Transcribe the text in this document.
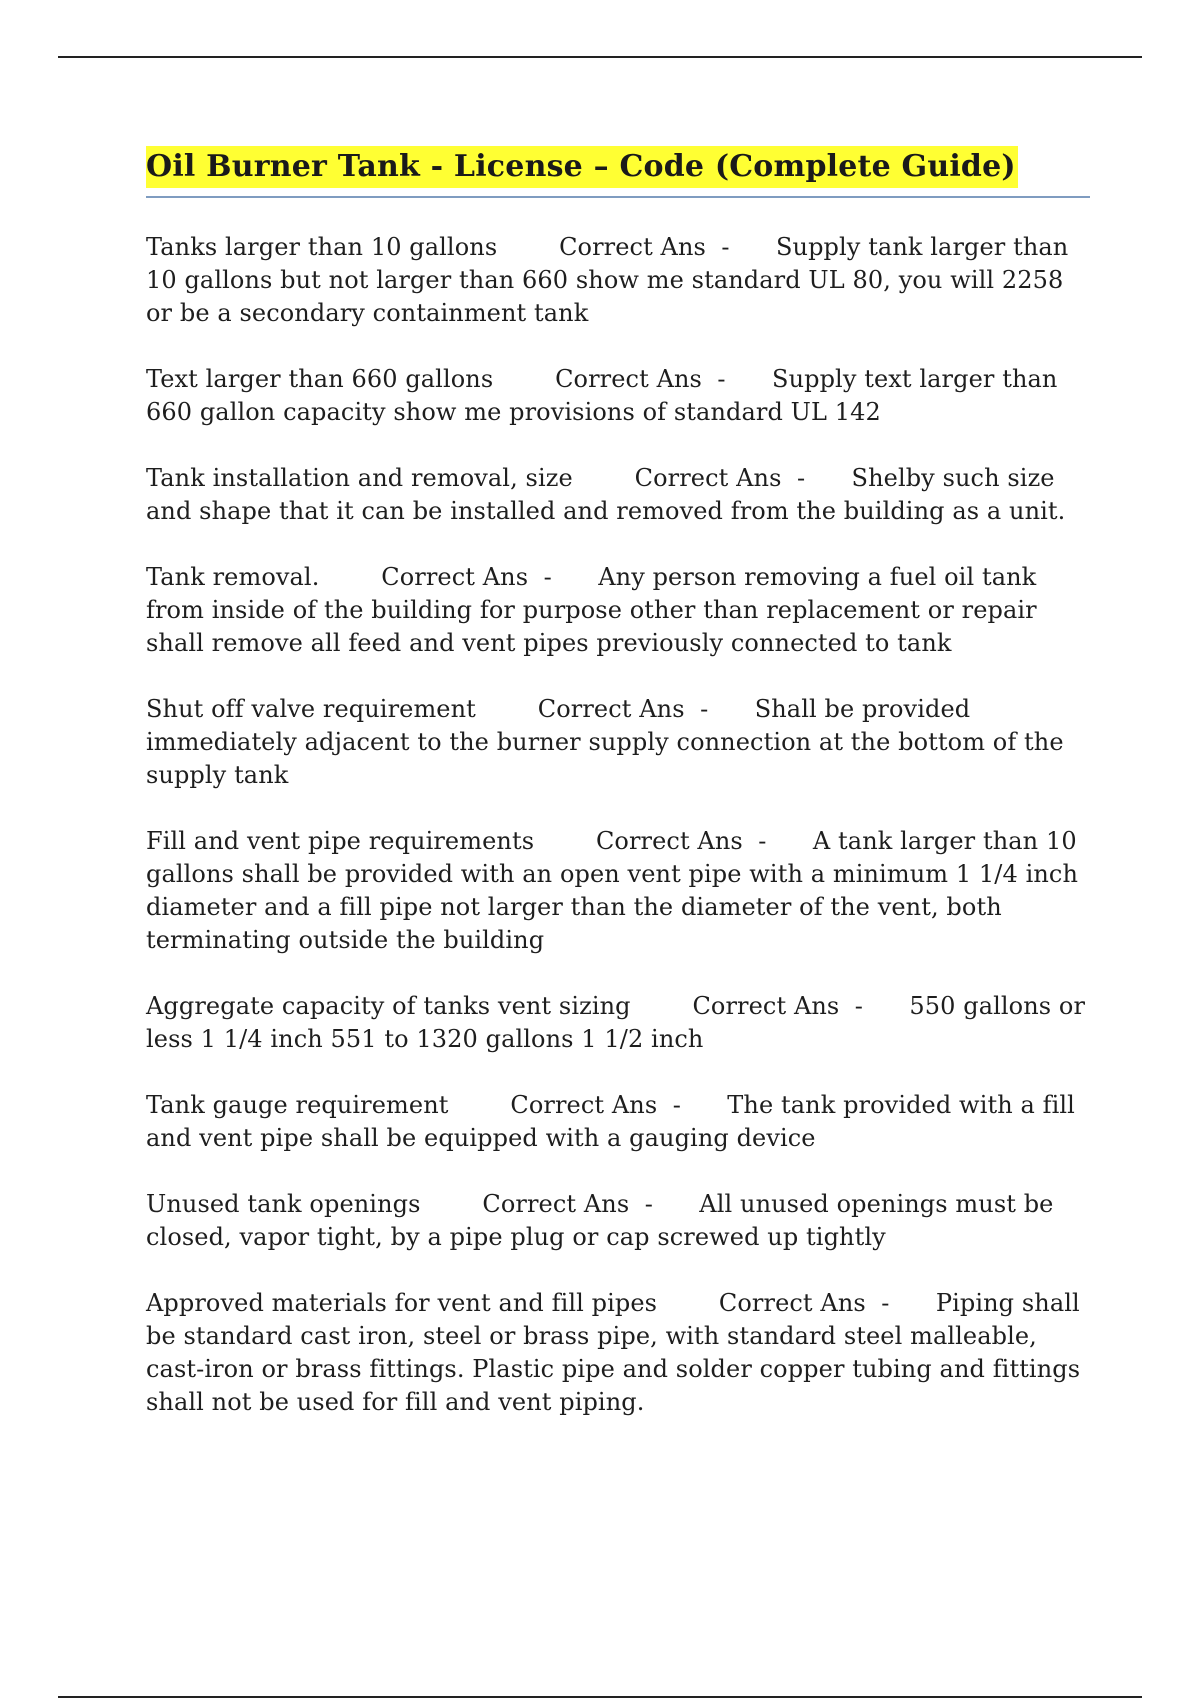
Oil Burner Tank - License – Code (Complete Guide)

Tanks larger than 10 gallons        Correct Ans  -      Supply tank larger than 10 gallons but not larger than 660 show me standard UL 80, you will 2258 or be a secondary containment tank

Text larger than 660 gallons        Correct Ans  -      Supply text larger than 660 gallon capacity show me provisions of standard UL 142

Tank installation and removal, size        Correct Ans  -      Shelby such size and shape that it can be installed and removed from the building as a unit.

Tank removal.        Correct Ans  -      Any person removing a fuel oil tank from inside of the building for purpose other than replacement or repair shall remove all feed and vent pipes previously connected to tank

Shut off valve requirement        Correct Ans  -      Shall be provided immediately adjacent to the burner supply connection at the bottom of the supply tank

Fill and vent pipe requirements        Correct Ans  -      A tank larger than 10 gallons shall be provided with an open vent pipe with a minimum 1 1/4 inch diameter and a fill pipe not larger than the diameter of the vent, both terminating outside the building

Aggregate capacity of tanks vent sizing        Correct Ans  -      550 gallons or less 1 1/4 inch 551 to 1320 gallons 1 1/2 inch

Tank gauge requirement        Correct Ans  -      The tank provided with a fill and vent pipe shall be equipped with a gauging device

Unused tank openings        Correct Ans  -      All unused openings must be closed, vapor tight, by a pipe plug or cap screwed up tightly

Approved materials for vent and fill pipes        Correct Ans  -      Piping shall be standard cast iron, steel or brass pipe, with standard steel malleable, cast-iron or brass fittings. Plastic pipe and solder copper tubing and fittings shall not be used for fill and vent piping.
